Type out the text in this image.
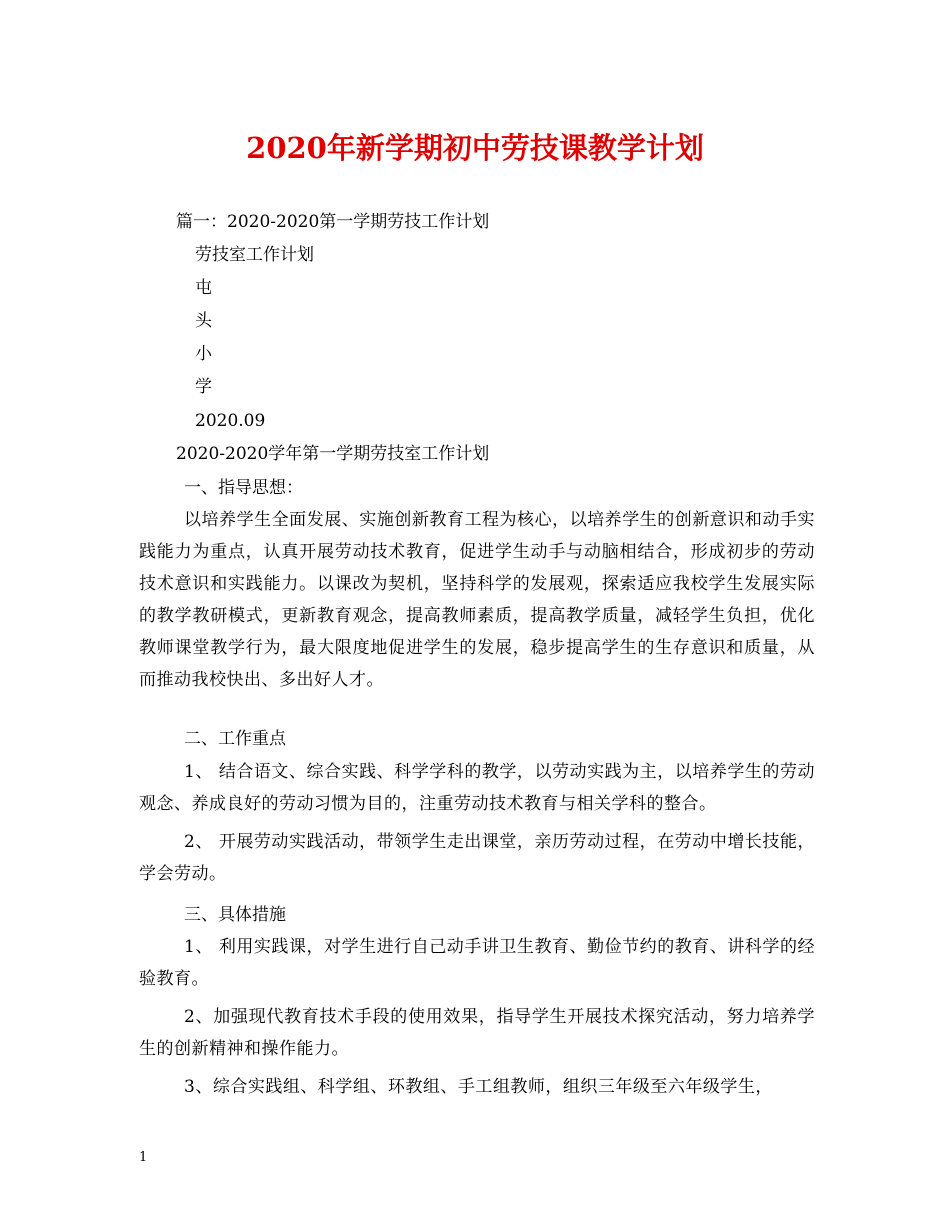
2020年新学期初中劳技课教学计划
篇一：2020-2020第一学期劳技工作计划
劳技室工作计划
屯
头
小
学
2020.09
2020-2020学年第一学期劳技室工作计划
一、指导思想：
以培养学生全面发展、实施创新教育工程为核心，以培养学生的创新意识和动手实践能力为重点，认真开展劳动技术教育，促进学生动手与动脑相结合，形成初步的劳动技术意识和实践能力。以课改为契机，坚持科学的发展观，探索适应我校学生发展实际的教学教研模式，更新教育观念，提高教师素质，提高教学质量，减轻学生负担，优化教师课堂教学行为，最大限度地促进学生的发展，稳步提高学生的生存意识和质量，从而推动我校快出、多出好人才。
二、工作重点
1、 结合语文、综合实践、科学学科的教学，以劳动实践为主，以培养学生的劳动观念、养成良好的劳动习惯为目的，注重劳动技术教育与相关学科的整合。
2、 开展劳动实践活动，带领学生走出课堂，亲历劳动过程，在劳动中增长技能，学会劳动。
三、具体措施
1、 利用实践课，对学生进行自己动手讲卫生教育、勤俭节约的教育、讲科学的经验教育。
2、加强现代教育技术手段的使用效果，指导学生开展技术探究活动，努力培养学生的创新精神和操作能力。
3、综合实践组、科学组、环教组、手工组教师，组织三年级至六年级学生，
1
